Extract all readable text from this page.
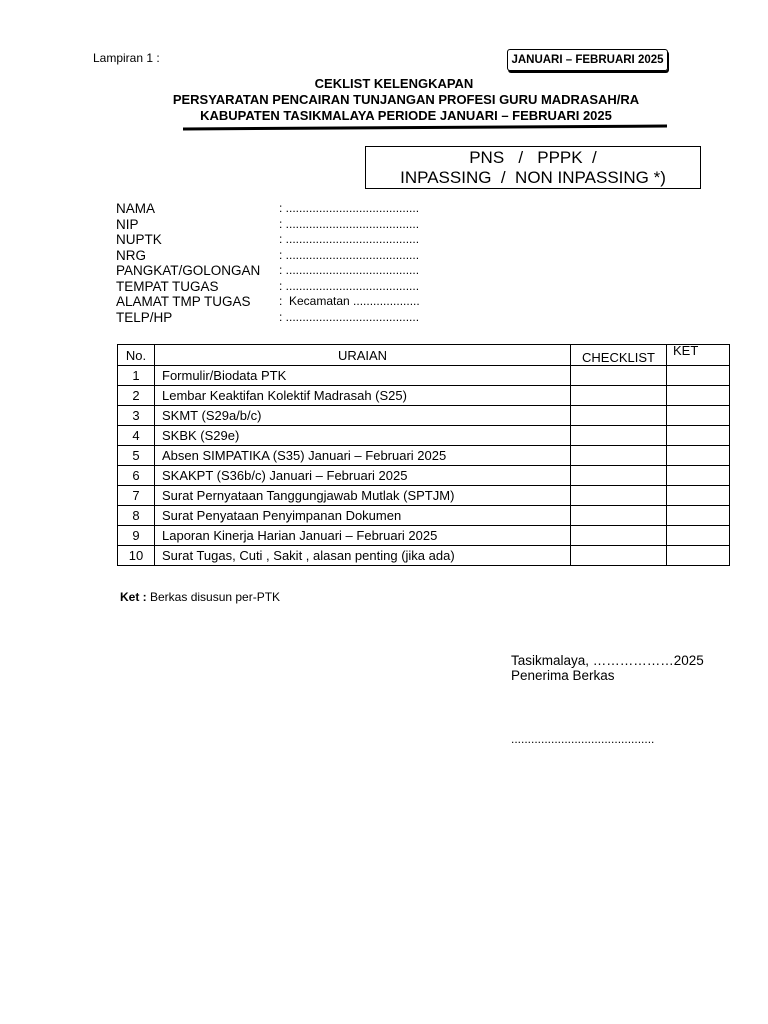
Lampiran 1 :	JANUARI – FEBRUARI 2025
CEKLIST KELENGKAPAN
PERSYARATAN PENCAIRAN TUNJANGAN PROFESI GURU MADRASAH/RA
KABUPATEN TASIKMALAYA PERIODE JANUARI – FEBRUARI 2025
PNS   /   PPPK  /
INPASSING  /  NON INPASSING *)
NAMA	: ........................................
NIP	: ........................................
NUPTK	: ........................................
NRG	: ........................................
PANGKAT/GOLONGAN : ........................................
TEMPAT TUGAS	: ........................................
ALAMAT TMP TUGAS :  Kecamatan ....................
TELP/HP	: ........................................
No.	URAIAN	CHECKLIST	KET
1	Formulir/Biodata PTK		
2	Lembar Keaktifan Kolektif Madrasah (S25)		
3	SKMT (S29a/b/c)		
4	SKBK (S29e)		
5	Absen SIMPATIKA (S35) Januari – Februari 2025		
6	SKAKPT (S36b/c) Januari – Februari 2025		
7	Surat Pernyataan Tanggungjawab Mutlak (SPTJM)		
8	Surat Penyataan Penyimpanan Dokumen		
9	Laporan Kinerja Harian Januari – Februari 2025		
10	Surat Tugas, Cuti , Sakit , alasan penting (jika ada)		
Ket : Berkas disusun per-PTK
Tasikmalaya, ………………2025
Penerima Berkas
...........................................
